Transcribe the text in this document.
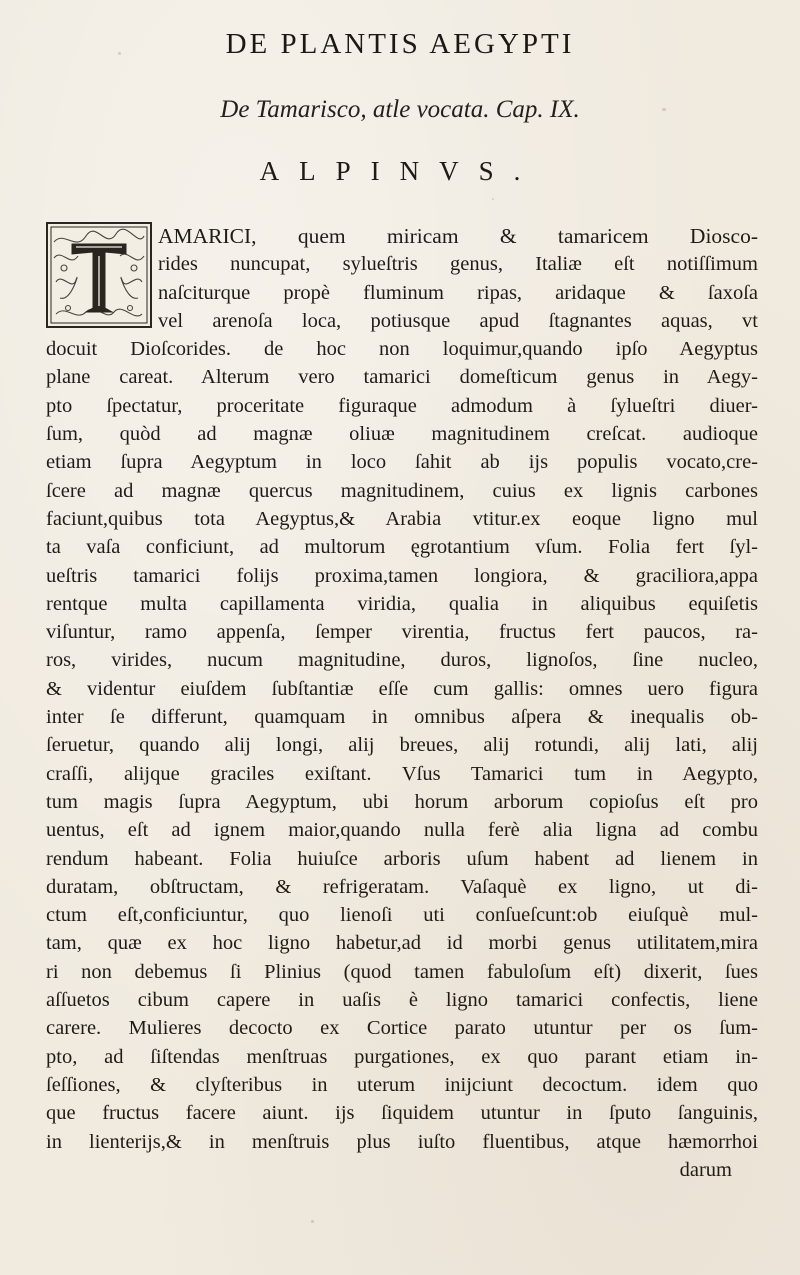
DE PLANTIS AEGYPTI
De Tamarisco, atle vocata. Cap. IX.
ALPINVS.
AMARICI, quem miricam & tamaricem Diosco-
rides nuncupat, sylueſtris genus, Italiæ eſt notiſſimum
naſciturque propè fluminum ripas, aridaque & ſaxoſa
vel arenoſa loca, potiusque apud ſtagnantes aquas, vt
docuit Dioſcorides. de hoc non loquimur,quando ipſo Aegyptus
plane careat. Alterum vero tamarici domeſticum genus in Aegy-
pto ſpectatur, proceritate figuraque admodum à ſylueſtri diuer-
ſum, quòd ad magnæ oliuæ magnitudinem creſcat. audioque
etiam ſupra Aegyptum in loco ſahit ab ijs populis vocato,cre-
ſcere ad magnæ quercus magnitudinem, cuius ex lignis carbones
faciunt,quibus tota Aegyptus,& Arabia vtitur.ex eoque ligno mul
ta vaſa conficiunt, ad multorum ęgrotantium vſum. Folia fert ſyl-
ueſtris tamarici folijs proxima,tamen longiora, & graciliora,appa
rentque multa capillamenta viridia, qualia in aliquibus equiſetis
viſuntur, ramo appenſa, ſemper virentia, fructus fert paucos, ra-
ros, virides, nucum magnitudine, duros, lignoſos, ſine nucleo,
& videntur eiuſdem ſubſtantiæ eſſe cum gallis: omnes uero figura
inter ſe differunt, quamquam in omnibus aſpera & inequalis ob-
ſeruetur, quando alij longi, alij breues, alij rotundi, alij lati, alij
craſſi, alijque graciles exiſtant. Vſus Tamarici tum in Aegypto,
tum magis ſupra Aegyptum, ubi horum arborum copioſus eſt pro
uentus, eſt ad ignem maior,quando nulla ferè alia ligna ad combu
rendum habeant. Folia huiuſce arboris uſum habent ad lienem in
duratam, obſtructam, & refrigeratam. Vaſaquè ex ligno, ut di-
ctum eſt,conficiuntur, quo lienoſi uti conſueſcunt:ob eiuſquè mul-
tam, quæ ex hoc ligno habetur,ad id morbi genus utilitatem,mira
ri non debemus ſi Plinius (quod tamen fabuloſum eſt) dixerit, ſues
aſſuetos cibum capere in uaſis è ligno tamarici confectis, liene
carere. Mulieres decocto ex Cortice parato utuntur per os ſum-
pto, ad ſiſtendas menſtruas purgationes, ex quo parant etiam in-
ſeſſiones, & clyſteribus in uterum inijciunt decoctum. idem quo
que fructus facere aiunt. ijs ſiquidem utuntur in ſputo ſanguinis,
in lienterijs,& in menſtruis plus iuſto fluentibus, atque hæmorrhoi
darum
